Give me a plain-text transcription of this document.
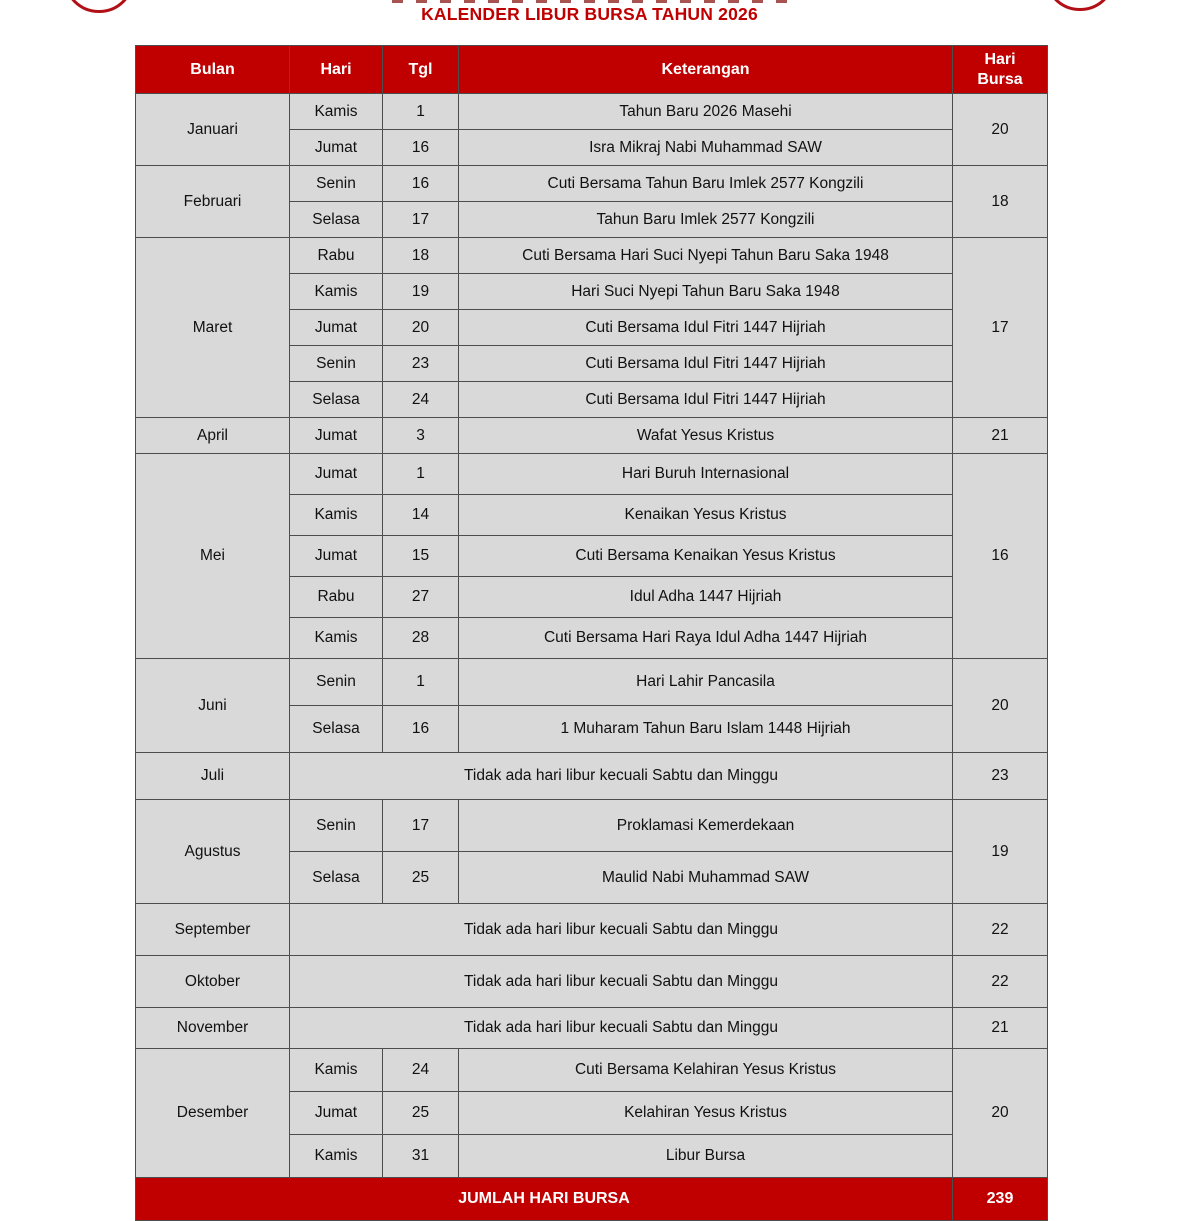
KALENDER LIBUR BURSA TAHUN 2026
Bulan	Hari	Tgl	Keterangan	Hari Bursa
Januari	Kamis	1	Tahun Baru 2026 Masehi	20
	Jumat	16	Isra Mikraj Nabi Muhammad SAW	
Februari	Senin	16	Cuti Bersama Tahun Baru Imlek 2577 Kongzili	18
	Selasa	17	Tahun Baru Imlek 2577 Kongzili	
Maret	Rabu	18	Cuti Bersama Hari Suci Nyepi Tahun Baru Saka 1948	17
	Kamis	19	Hari Suci Nyepi Tahun Baru Saka 1948	
	Jumat	20	Cuti Bersama Idul Fitri 1447 Hijriah	
	Senin	23	Cuti Bersama Idul Fitri 1447 Hijriah	
	Selasa	24	Cuti Bersama Idul Fitri 1447 Hijriah	
April	Jumat	3	Wafat Yesus Kristus	21
Mei	Jumat	1	Hari Buruh Internasional	16
	Kamis	14	Kenaikan Yesus Kristus	
	Jumat	15	Cuti Bersama Kenaikan Yesus Kristus	
	Rabu	27	Idul Adha 1447 Hijriah	
	Kamis	28	Cuti Bersama Hari Raya Idul Adha 1447 Hijriah	
Juni	Senin	1	Hari Lahir Pancasila	20
	Selasa	16	1 Muharam Tahun Baru Islam 1448 Hijriah	
Juli	Tidak ada hari libur kecuali Sabtu dan Minggu			23
Agustus	Senin	17	Proklamasi Kemerdekaan	19
	Selasa	25	Maulid Nabi Muhammad SAW	
September	Tidak ada hari libur kecuali Sabtu dan Minggu			22
Oktober	Tidak ada hari libur kecuali Sabtu dan Minggu			22
November	Tidak ada hari libur kecuali Sabtu dan Minggu			21
Desember	Kamis	24	Cuti Bersama Kelahiran Yesus Kristus	20
	Jumat	25	Kelahiran Yesus Kristus	
	Kamis	31	Libur Bursa	
JUMLAH HARI BURSA				239
